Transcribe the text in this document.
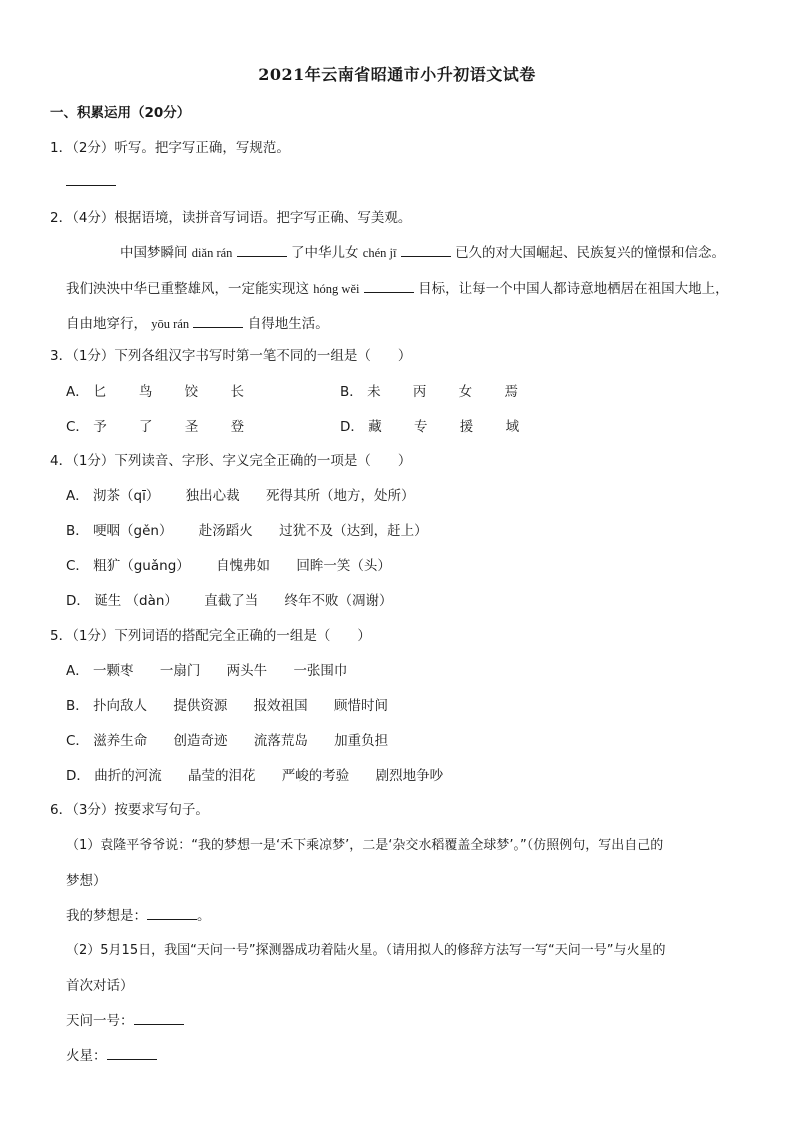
2021年云南省昭通市小升初语文试卷
一、积累运用（20分）
1．（2分）听写。把字写正确，写规范。
2．（4分）根据语境，读拼音写词语。把字写正确、写美观。
中国梦瞬间 diǎn rán	了中华儿女 chén jī	已久的对大国崛起、民族复兴的憧憬和信念。
我们泱泱中华已重整雄风，一定能实现这 hóng wěi	目标，让每一个中国人都诗意地栖居在祖国大地上，
自由地穿行， yōu rán	自得地生活。
3．（1分）下列各组汉字书写时第一笔不同的一组是（　　）
A． 匕 鸟 饺 长	B． 未 丙 女 焉
C． 予 了 圣 登	D． 藏 专 援 域
4．（1分）下列读音、字形、字义完全正确的一项是（　　）
A． 沏茶（qī） 独出心裁 死得其所（地方，处所）
B． 哽咽（gěn） 赴汤蹈火 过犹不及（达到，赶上）
C． 粗犷（guǎng） 自愧弗如 回眸一笑（头）
D． 诞生 （dàn） 直截了当 终年不败（凋谢）
5．（1分）下列词语的搭配完全正确的一组是（　　）
A． 一颗枣 一扇门 两头牛 一张围巾
B． 扑向敌人 提供资源 报效祖国 顾惜时间
C． 滋养生命 创造奇迹 流落荒岛 加重负担
D． 曲折的河流 晶莹的泪花 严峻的考验 剧烈地争吵
6．（3分）按要求写句子。
（1）袁隆平爷爷说：“我的梦想一是‘禾下乘凉梦’，二是‘杂交水稻覆盖全球梦’。”（仿照例句，写出自己的
梦想）
我的梦想是：	。
（2）5月15日，我国“天问一号”探测器成功着陆火星。（请用拟人的修辞方法写一写“天问一号”与火星的
首次对话）
天问一号：
火星：
